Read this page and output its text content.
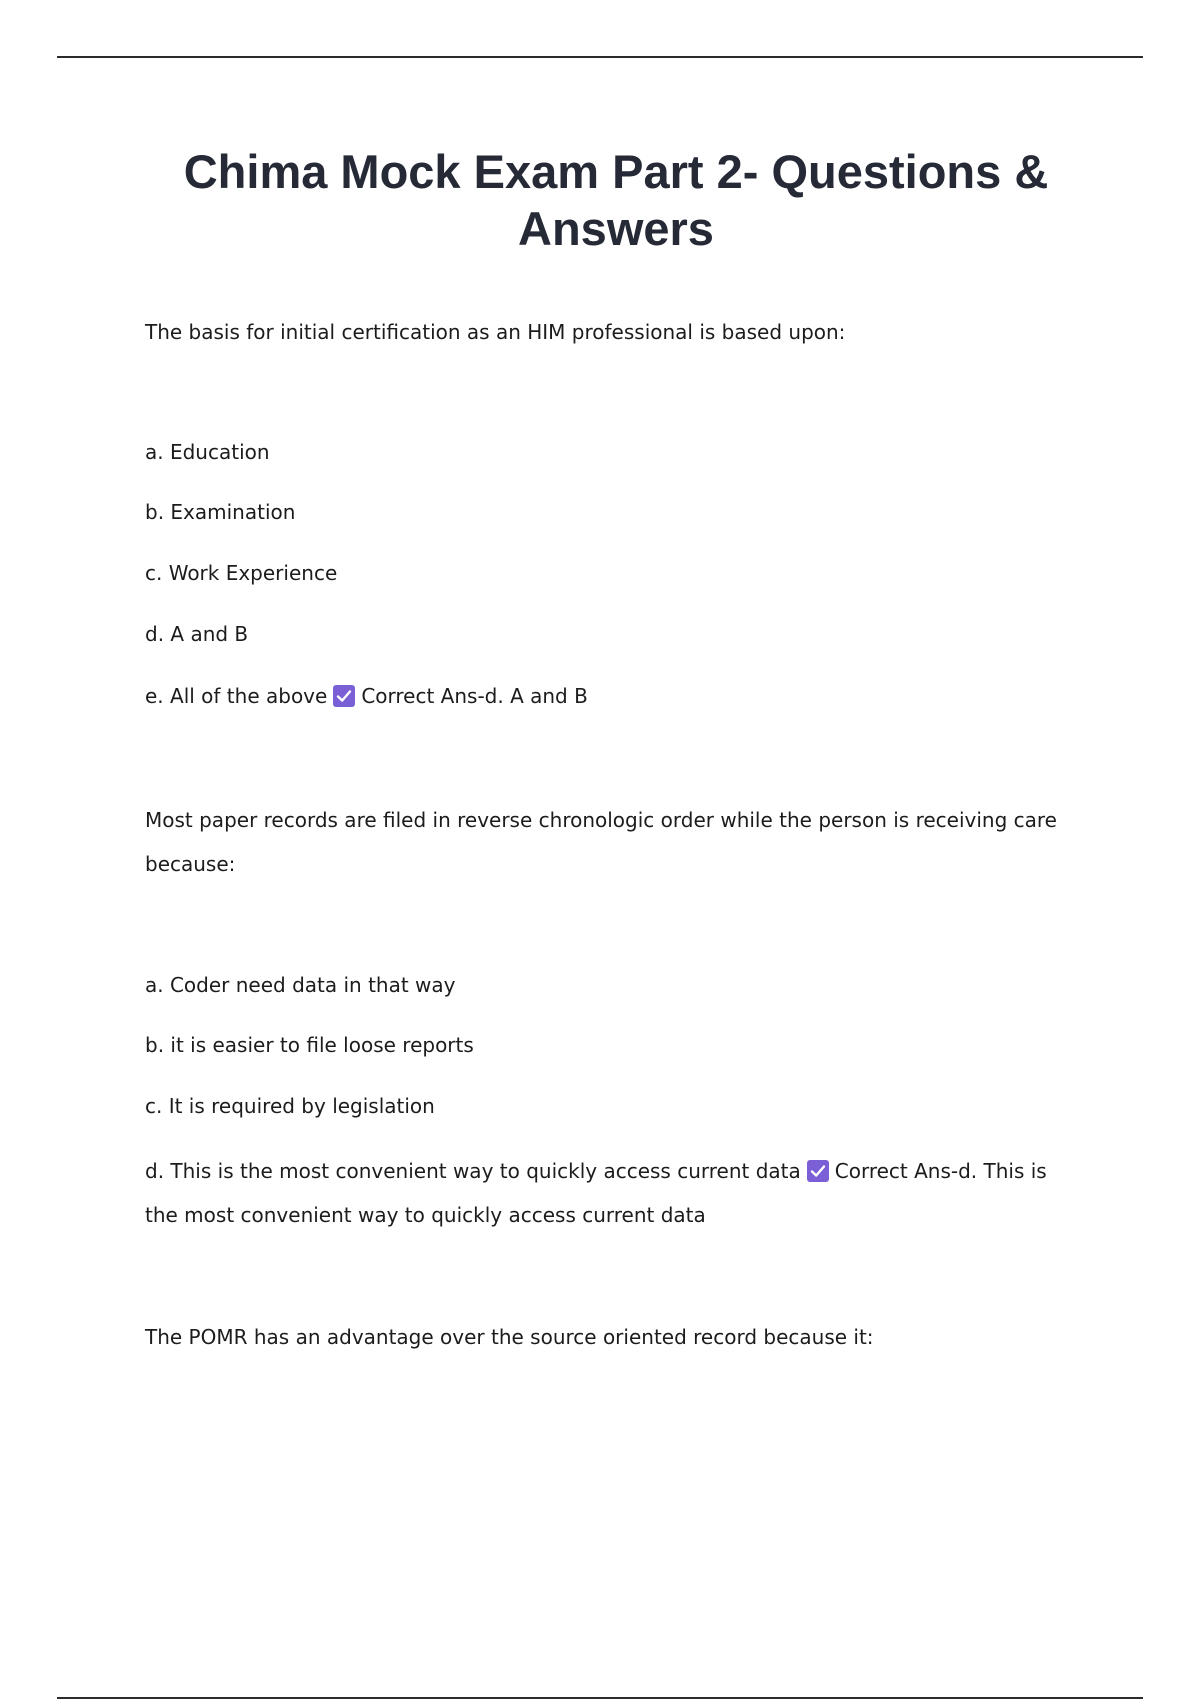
Chima Mock Exam Part 2- Questions & Answers
The basis for initial certification as an HIM professional is based upon:
a. Education
b. Examination
c. Work Experience
d. A and B
e. All of the above Correct Ans-d. A and B
Most paper records are filed in reverse chronologic order while the person is receiving care because:
a. Coder need data in that way
b. it is easier to file loose reports
c. It is required by legislation
d. This is the most convenient way to quickly access current data Correct Ans-d. This is the most convenient way to quickly access current data
The POMR has an advantage over the source oriented record because it:
